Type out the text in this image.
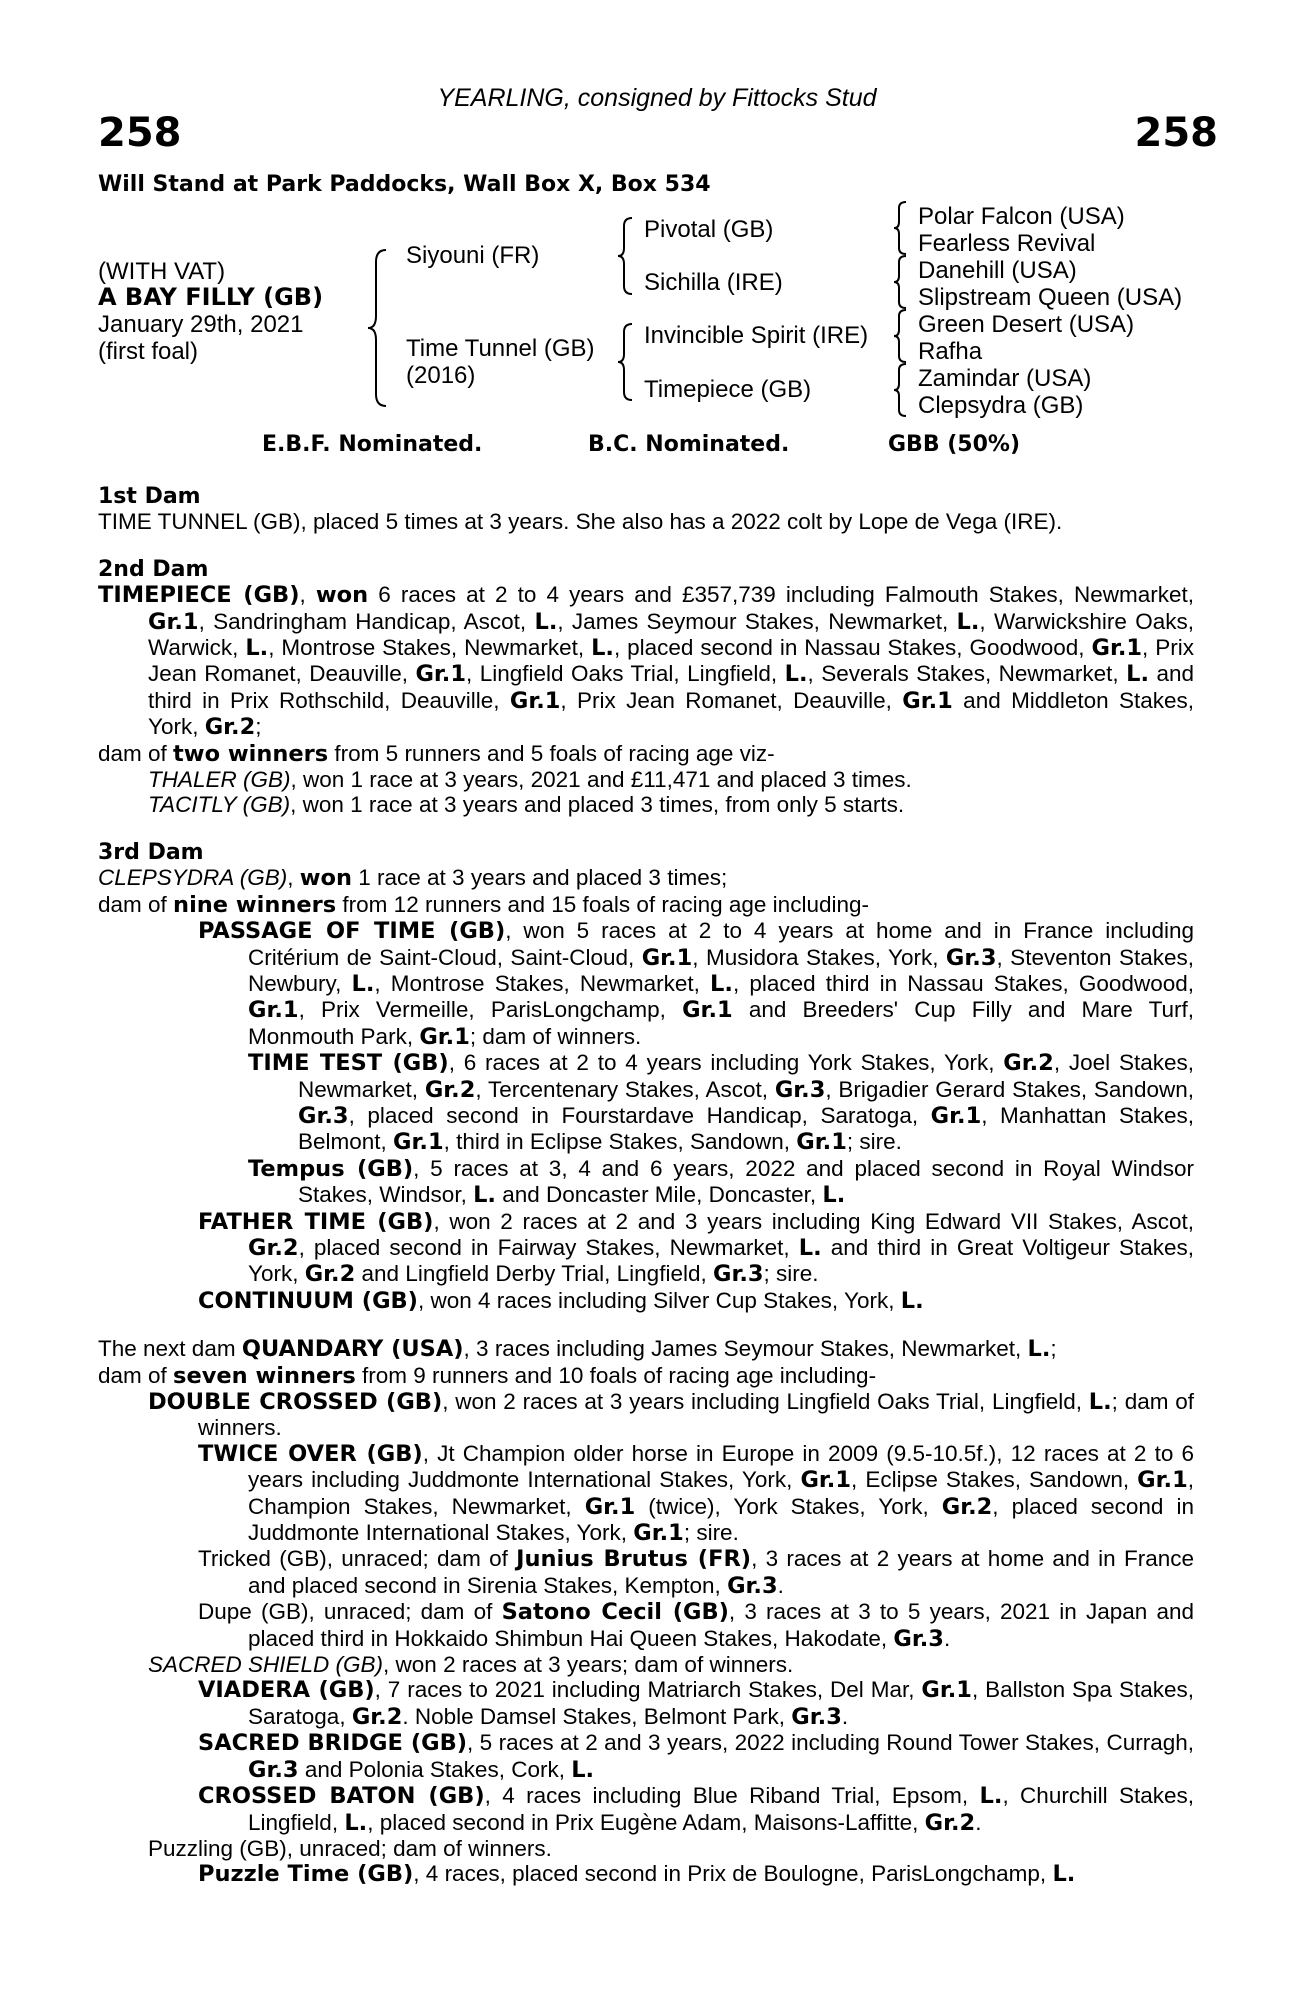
YEARLING, consigned by Fittocks Stud
258	258
Will Stand at Park Paddocks, Wall Box X, Box 534
(WITH VAT)
A BAY FILLY (GB)
January 29th, 2021
(first foal)
Siyouni (FR)
Time Tunnel (GB)
(2016)
Pivotal (GB)
Sichilla (IRE)
Invincible Spirit (IRE)
Timepiece (GB)
Polar Falcon (USA)
Fearless Revival
Danehill (USA)
Slipstream Queen (USA)
Green Desert (USA)
Rafha
Zamindar (USA)
Clepsydra (GB)
E.B.F. Nominated.	B.C. Nominated.	GBB (50%)
1st Dam
TIME TUNNEL (GB), placed 5 times at 3 years. She also has a 2022 colt by Lope de Vega (IRE).
2nd Dam
TIMEPIECE (GB), won 6 races at 2 to 4 years and £357,739 including Falmouth Stakes, Newmarket, Gr.1, Sandringham Handicap, Ascot, L., James Seymour Stakes, Newmarket, L., Warwickshire Oaks, Warwick, L., Montrose Stakes, Newmarket, L., placed second in Nassau Stakes, Goodwood, Gr.1, Prix Jean Romanet, Deauville, Gr.1, Lingfield Oaks Trial, Lingfield, L., Severals Stakes, Newmarket, L. and third in Prix Rothschild, Deauville, Gr.1, Prix Jean Romanet, Deauville, Gr.1 and Middleton Stakes, York, Gr.2;
dam of two winners from 5 runners and 5 foals of racing age viz-
THALER (GB), won 1 race at 3 years, 2021 and £11,471 and placed 3 times.
TACITLY (GB), won 1 race at 3 years and placed 3 times, from only 5 starts.
3rd Dam
CLEPSYDRA (GB), won 1 race at 3 years and placed 3 times;
dam of nine winners from 12 runners and 15 foals of racing age including-
PASSAGE OF TIME (GB), won 5 races at 2 to 4 years at home and in France including Critérium de Saint-Cloud, Saint-Cloud, Gr.1, Musidora Stakes, York, Gr.3, Steventon Stakes, Newbury, L., Montrose Stakes, Newmarket, L., placed third in Nassau Stakes, Goodwood, Gr.1, Prix Vermeille, ParisLongchamp, Gr.1 and Breeders' Cup Filly and Mare Turf, Monmouth Park, Gr.1; dam of winners.
TIME TEST (GB), 6 races at 2 to 4 years including York Stakes, York, Gr.2, Joel Stakes, Newmarket, Gr.2, Tercentenary Stakes, Ascot, Gr.3, Brigadier Gerard Stakes, Sandown, Gr.3, placed second in Fourstardave Handicap, Saratoga, Gr.1, Manhattan Stakes, Belmont, Gr.1, third in Eclipse Stakes, Sandown, Gr.1; sire.
Tempus (GB), 5 races at 3, 4 and 6 years, 2022 and placed second in Royal Windsor Stakes, Windsor, L. and Doncaster Mile, Doncaster, L.
FATHER TIME (GB), won 2 races at 2 and 3 years including King Edward VII Stakes, Ascot, Gr.2, placed second in Fairway Stakes, Newmarket, L. and third in Great Voltigeur Stakes, York, Gr.2 and Lingfield Derby Trial, Lingfield, Gr.3; sire.
CONTINUUM (GB), won 4 races including Silver Cup Stakes, York, L.
The next dam QUANDARY (USA), 3 races including James Seymour Stakes, Newmarket, L.;
dam of seven winners from 9 runners and 10 foals of racing age including-
DOUBLE CROSSED (GB), won 2 races at 3 years including Lingfield Oaks Trial, Lingfield, L.; dam of winners.
TWICE OVER (GB), Jt Champion older horse in Europe in 2009 (9.5-10.5f.), 12 races at 2 to 6 years including Juddmonte International Stakes, York, Gr.1, Eclipse Stakes, Sandown, Gr.1, Champion Stakes, Newmarket, Gr.1 (twice), York Stakes, York, Gr.2, placed second in Juddmonte International Stakes, York, Gr.1; sire.
Tricked (GB), unraced; dam of Junius Brutus (FR), 3 races at 2 years at home and in France and placed second in Sirenia Stakes, Kempton, Gr.3.
Dupe (GB), unraced; dam of Satono Cecil (GB), 3 races at 3 to 5 years, 2021 in Japan and placed third in Hokkaido Shimbun Hai Queen Stakes, Hakodate, Gr.3.
SACRED SHIELD (GB), won 2 races at 3 years; dam of winners.
VIADERA (GB), 7 races to 2021 including Matriarch Stakes, Del Mar, Gr.1, Ballston Spa Stakes, Saratoga, Gr.2. Noble Damsel Stakes, Belmont Park, Gr.3.
SACRED BRIDGE (GB), 5 races at 2 and 3 years, 2022 including Round Tower Stakes, Curragh, Gr.3 and Polonia Stakes, Cork, L.
CROSSED BATON (GB), 4 races including Blue Riband Trial, Epsom, L., Churchill Stakes, Lingfield, L., placed second in Prix Eugène Adam, Maisons-Laffitte, Gr.2.
Puzzling (GB), unraced; dam of winners.
Puzzle Time (GB), 4 races, placed second in Prix de Boulogne, ParisLongchamp, L.
